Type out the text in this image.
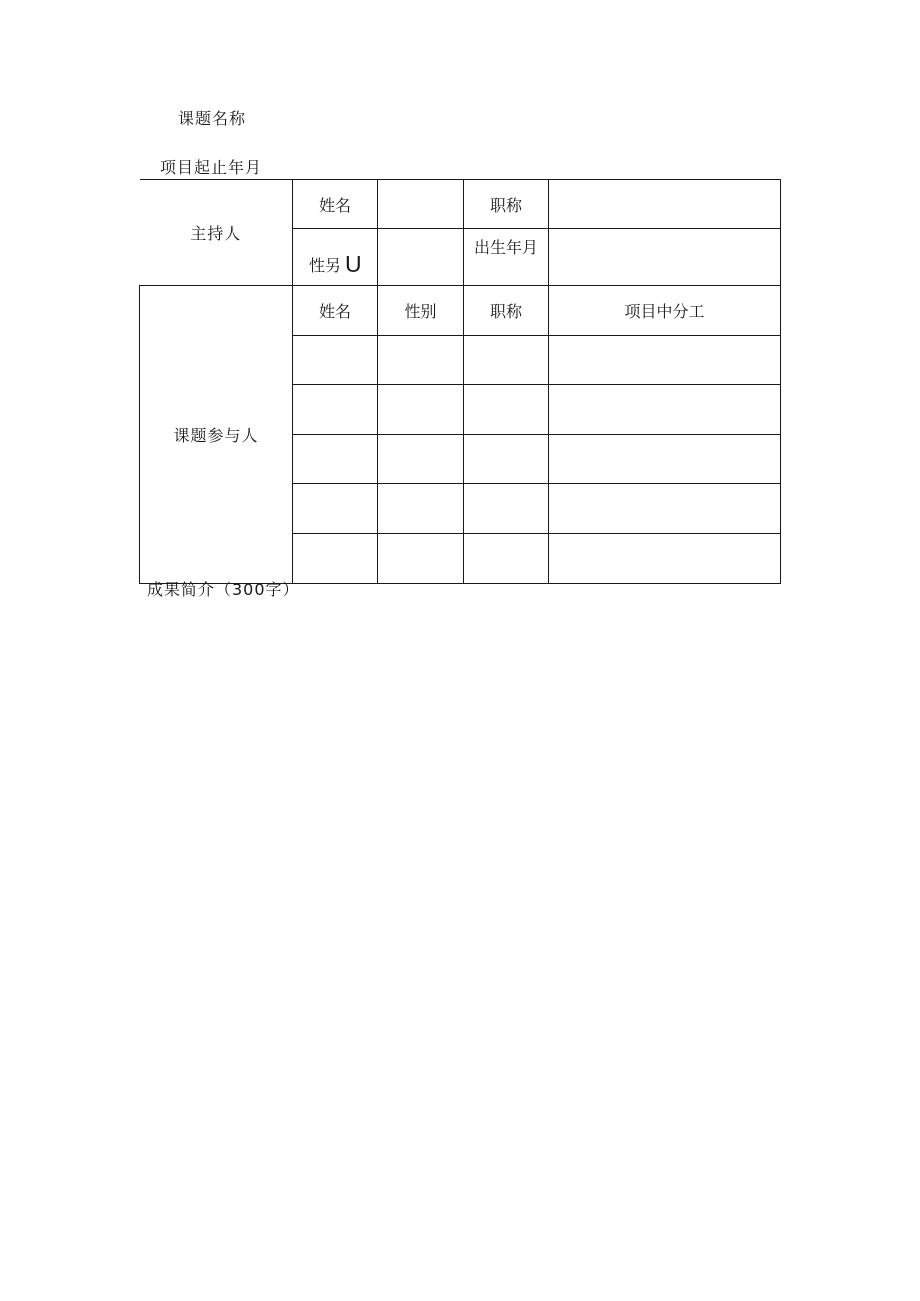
课题名称
项目起止年月
主持人	姓名		职称	
	性另 U		出生年月	
课题参与人	姓名	性别	职称	项目中分工

成果简介（300字）
